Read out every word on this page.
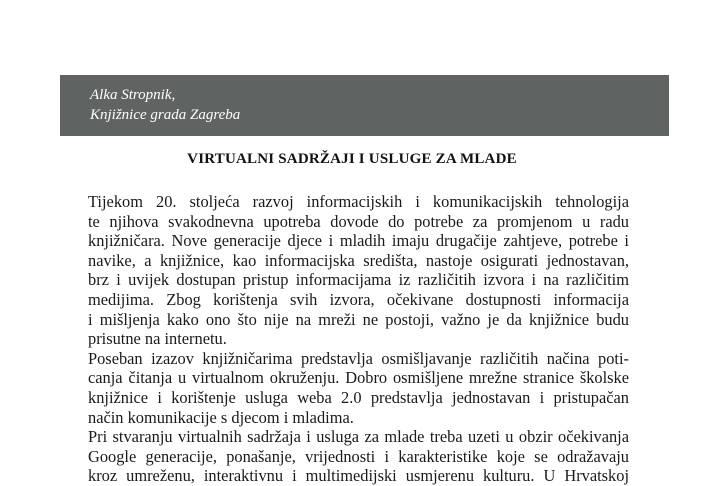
Alka Stropnik,
Knjižnice grada Zagreba
VIRTUALNI SADRŽAJI I USLUGE ZA MLADE

Tijekom 20. stoljeća razvoj informacijskih i komunikacijskih tehnologija
te njihova svakodnevna upotreba dovode do potrebe za promjenom u radu
knjižničara. Nove generacije djece i mladih imaju drugačije zahtjeve, potrebe i
navike, a knjižnice, kao informacijska središta, nastoje osigurati jednostavan,
brz i uvijek dostupan pristup informacijama iz različitih izvora i na različitim
medijima. Zbog korištenja svih izvora, očekivane dostupnosti informacija
i mišljenja kako ono što nije na mreži ne postoji, važno je da knjižnice budu
prisutne na internetu.

Poseban izazov knjižničarima predstavlja osmišljavanje različitih načina poti-
canja čitanja u virtualnom okruženju. Dobro osmišljene mrežne stranice školske
knjižnice i korištenje usluga weba 2.0 predstavlja jednostavan i pristupačan
način komunikacije s djecom i mladima.

Pri stvaranju virtualnih sadržaja i usluga za mlade treba uzeti u obzir očekivanja
Google generacije, ponašanje, vrijednosti i karakteristike koje se odražavaju
kroz umreženu, interaktivnu i multimedijski usmjerenu kulturu. U Hrvatskoj
